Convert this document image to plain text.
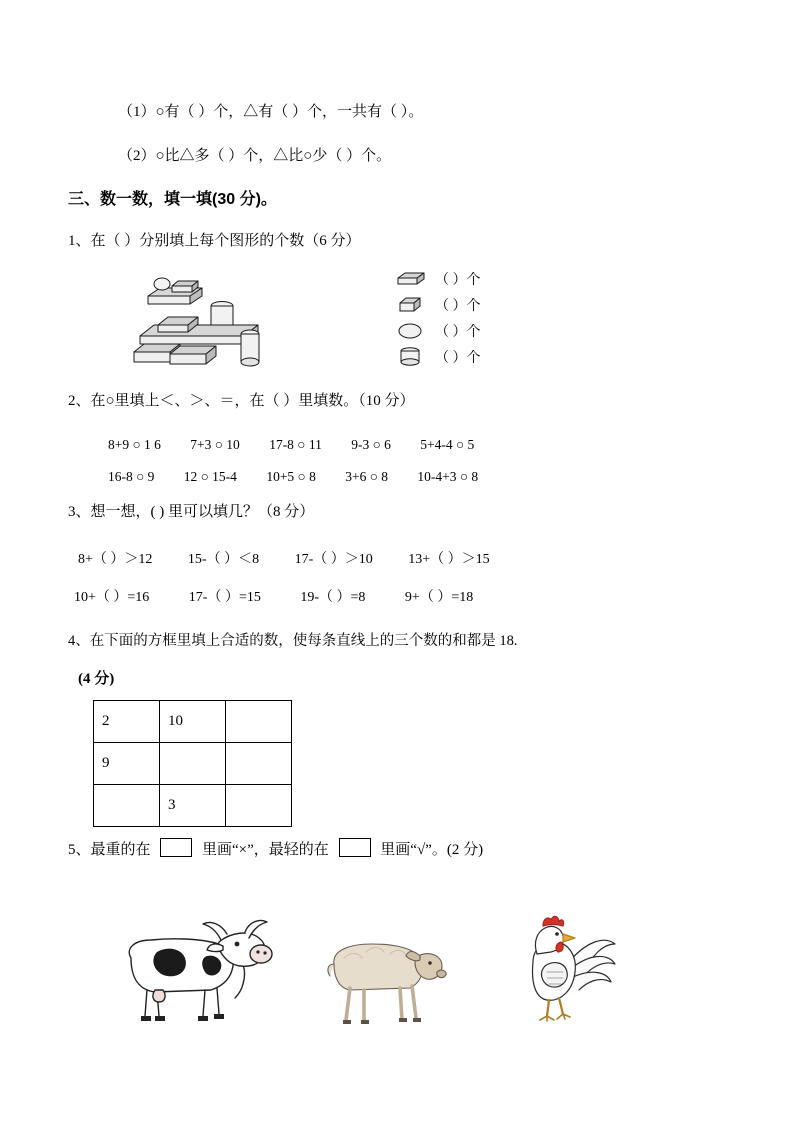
（1）○有（ ）个，△有（ ）个，一共有（ ）。
（2）○比△多（ ）个，△比○少（ ）个。
三、数一数，填一填(30 分)。
1、在（ ）分别填上每个图形的个数（6 分）
（ ）个
（ ）个
（ ）个
（ ）个
2、在○里填上＜、＞、＝，在（ ）里填数。（10 分）
8+9 ○ 1 6 7+3 ○ 10 17-8 ○ 11 9-3 ○ 6 5+4-4 ○ 5
16-8 ○ 9 12 ○ 15-4 10+5 ○ 8 3+6 ○ 8 10-4+3 ○ 8
3、想一想，( ) 里可以填几？（8 分）
8+（ ）＞12	15-（ ）＜8	17-（ ）＞10	13+（ ）＞15
10+（ ）=16	17-（ ）=15	19-（ ）=8	9+（ ）=18
4、在下面的方框里填上合适的数，使每条直线上的三个数的和都是 18.
(4 分)
2	10	
9		
	3	
5、最重的在	里画“×”，最轻的在	里画“√”。(2 分)
